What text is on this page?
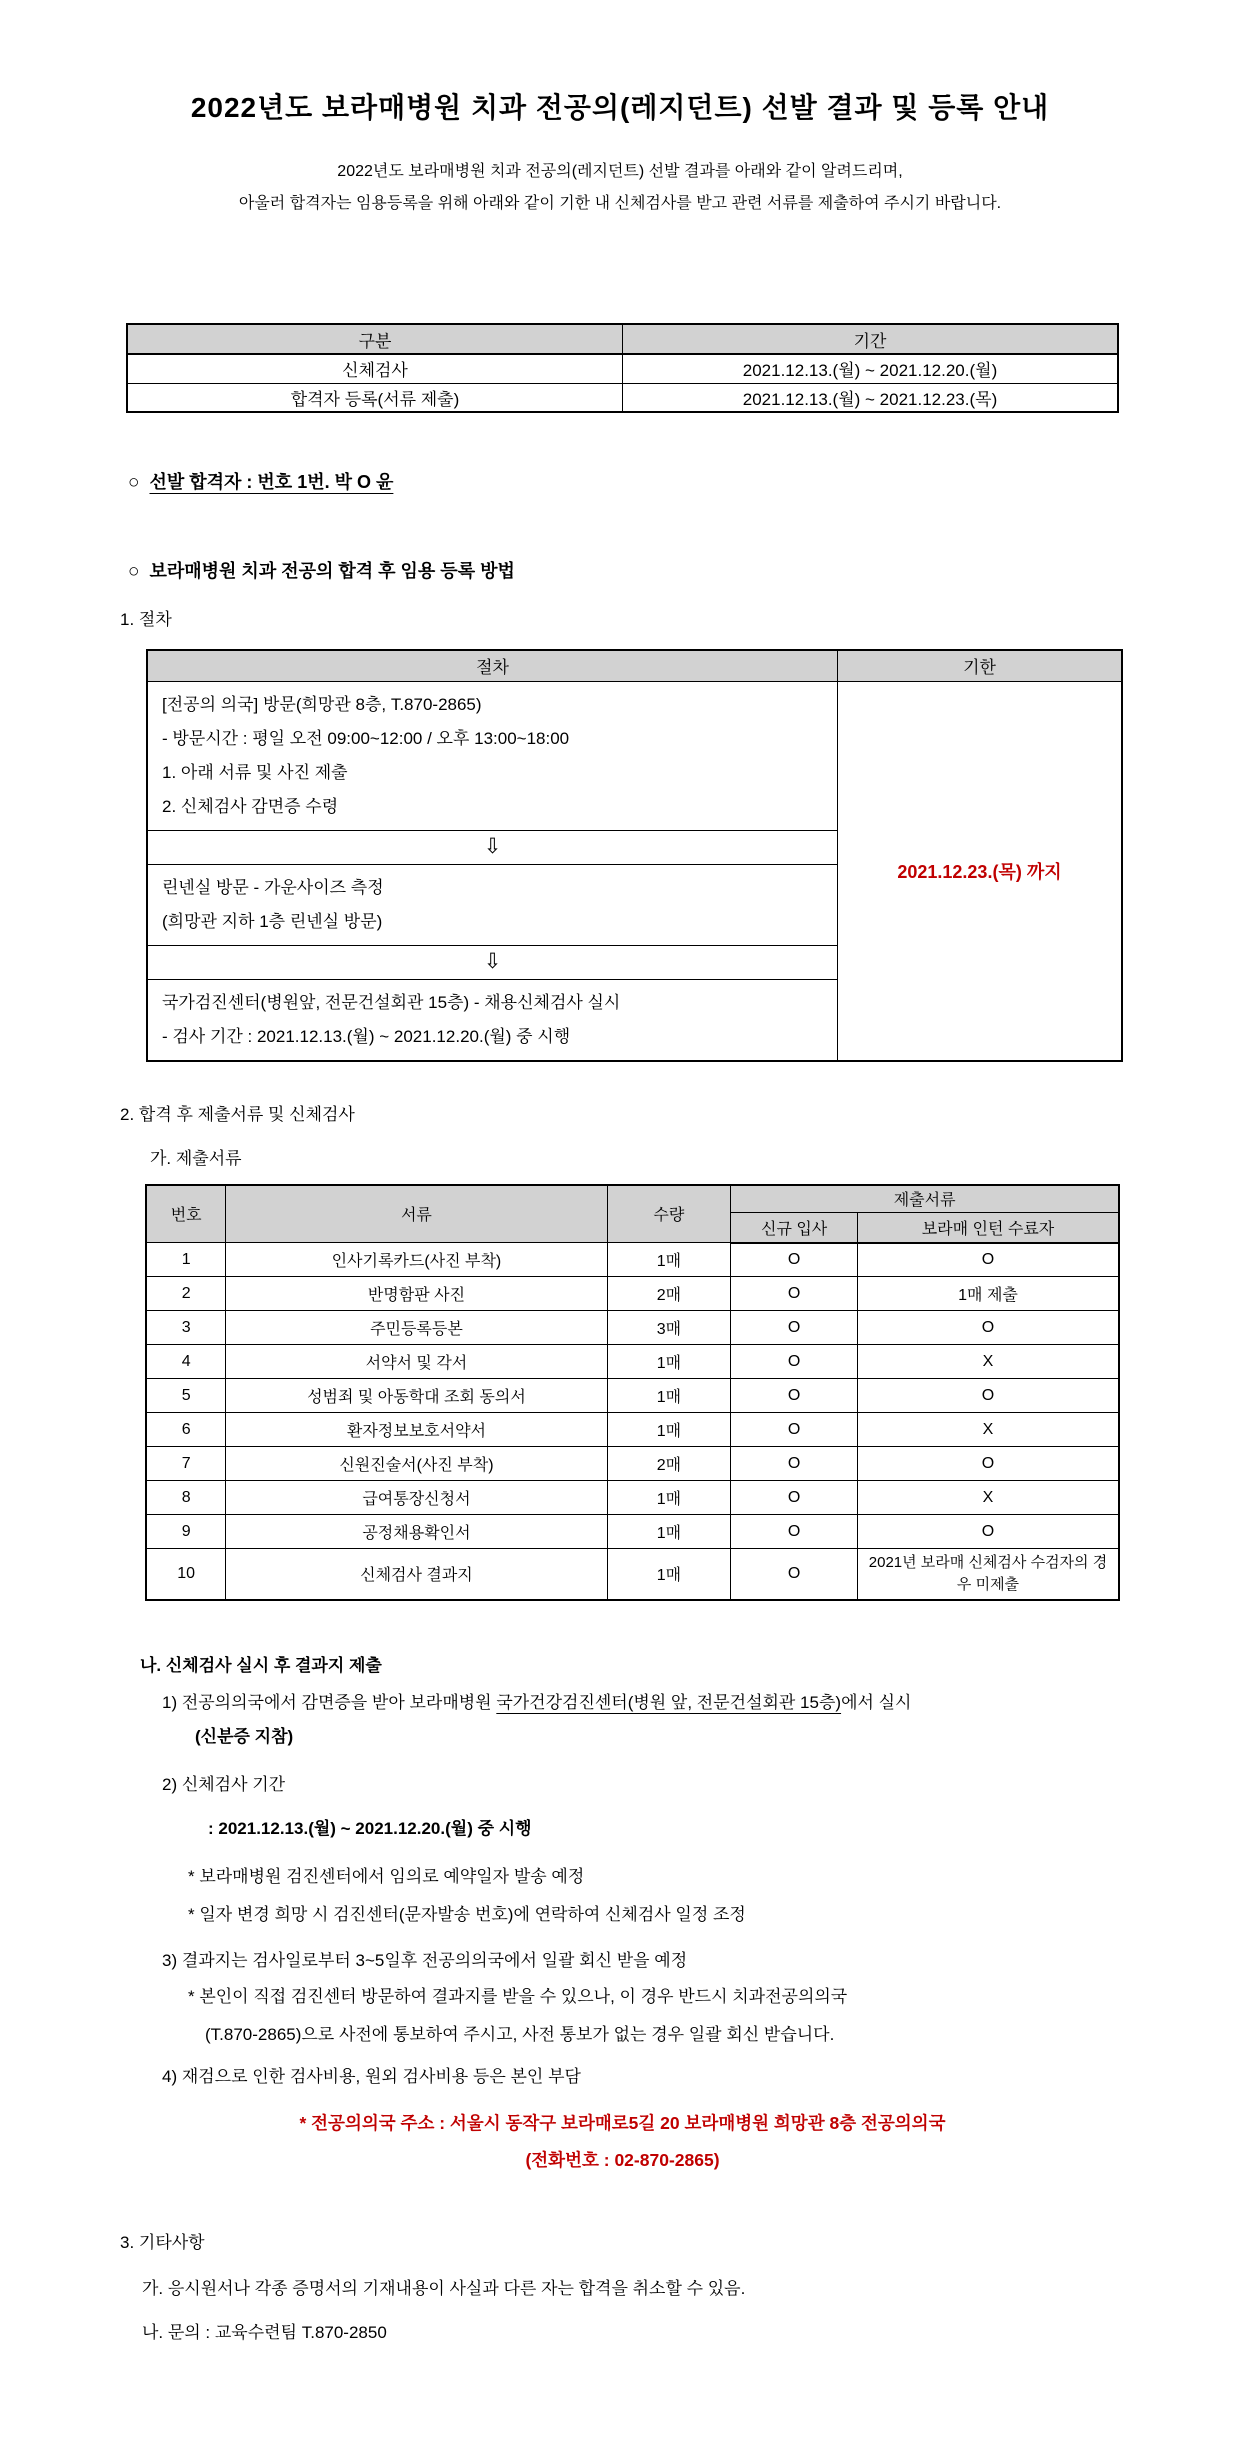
2022년도 보라매병원 치과 전공의(레지던트) 선발 결과 및 등록 안내
2022년도 보라매병원 치과 전공의(레지던트) 선발 결과를 아래와 같이 알려드리며,
아울러 합격자는 임용등록을 위해 아래와 같이 기한 내 신체검사를 받고 관련 서류를 제출하여 주시기 바랍니다.
구분	기간
신체검사	2021.12.13.(월) ~ 2021.12.20.(월)
합격자 등록(서류 제출)	2021.12.13.(월) ~ 2021.12.23.(목)
○ 선발 합격자 : 번호 1번. 박 O 윤
○ 보라매병원 치과 전공의 합격 후 임용 등록 방법
1. 절차
절차	기한

[전공의 의국] 방문(희망관 8층, T.870-2865)
- 방문시간 : 평일 오전 09:00~12:00 / 오후 13:00~18:00
1. 아래 서류 및 사진 제출
2. 신체검사 감면증 수령	2021.12.23.(목) 까지
⇩	

린넨실 방문 - 가운사이즈 측정
(희망관 지하 1층 린넨실 방문)	

⇩	

국가검진센터(병원앞, 전문건설회관 15층) - 채용신체검사 실시
- 검사 기간 : 2021.12.13.(월) ~ 2021.12.20.(월) 중 시행	
2. 합격 후 제출서류 및 신체검사
가. 제출서류
번호	서류	수량	제출서류	
			신규 입사	보라매 인턴 수료자
1	인사기록카드(사진 부착)	1매	O	O
2	반명함판 사진	2매	O	1매 제출
3	주민등록등본	3매	O	O
4	서약서 및 각서	1매	O	X
5	성범죄 및 아동학대 조회 동의서	1매	O	O
6	환자정보보호서약서	1매	O	X
7	신원진술서(사진 부착)	2매	O	O
8	급여통장신청서	1매	O	X
9	공정채용확인서	1매	O	O
10	신체검사 결과지	1매	O	2021년 보라매 신체검사 수검자의 경우 미제출
나. 신체검사 실시 후 결과지 제출
1) 전공의의국에서 감면증을 받아 보라매병원 국가건강검진센터(병원 앞, 전문건설회관 15층)에서 실시
(신분증 지참)
2) 신체검사 기간
: 2021.12.13.(월) ~ 2021.12.20.(월) 중 시행
* 보라매병원 검진센터에서 임의로 예약일자 발송 예정
* 일자 변경 희망 시 검진센터(문자발송 번호)에 연락하여 신체검사 일정 조정
3) 결과지는 검사일로부터 3~5일후 전공의의국에서 일괄 회신 받을 예정
* 본인이 직접 검진센터 방문하여 결과지를 받을 수 있으나, 이 경우 반드시 치과전공의의국
(T.870-2865)으로 사전에 통보하여 주시고, 사전 통보가 없는 경우 일괄 회신 받습니다.
4) 재검으로 인한 검사비용, 원외 검사비용 등은 본인 부담
* 전공의의국 주소 : 서울시 동작구 보라매로5길 20 보라매병원 희망관 8층 전공의의국
(전화번호 : 02-870-2865)
3. 기타사항
가. 응시원서나 각종 증명서의 기재내용이 사실과 다른 자는 합격을 취소할 수 있음.
나. 문의 : 교육수련팀 T.870-2850
